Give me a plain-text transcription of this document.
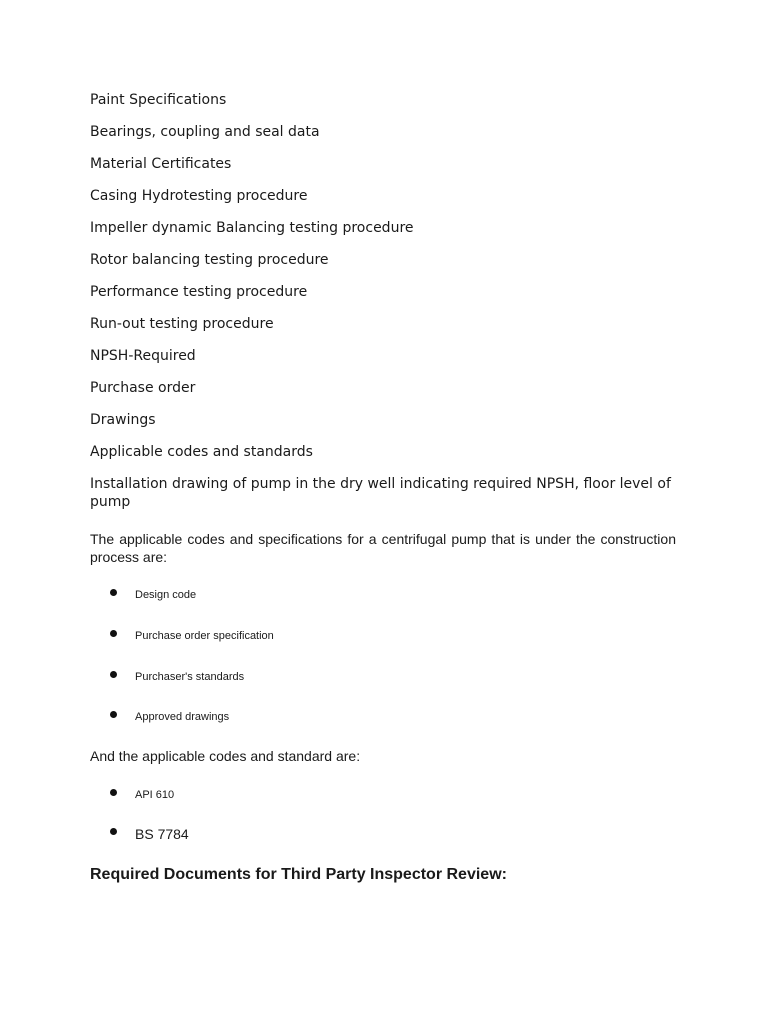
Paint Specifications
Bearings, coupling and seal data
Material Certificates
Casing Hydrotesting procedure
Impeller dynamic Balancing testing procedure
Rotor balancing testing procedure
Performance testing procedure
Run-out testing procedure
NPSH-Required
Purchase order
Drawings
Applicable codes and standards
Installation drawing of pump in the dry well indicating required NPSH, floor level of pump
The applicable codes and specifications for a centrifugal pump that is under the construction process are:
Design code
Purchase order specification
Purchaser's standards
Approved drawings
And the applicable codes and standard are:
API 610
BS 7784
Required Documents for Third Party Inspector Review:
